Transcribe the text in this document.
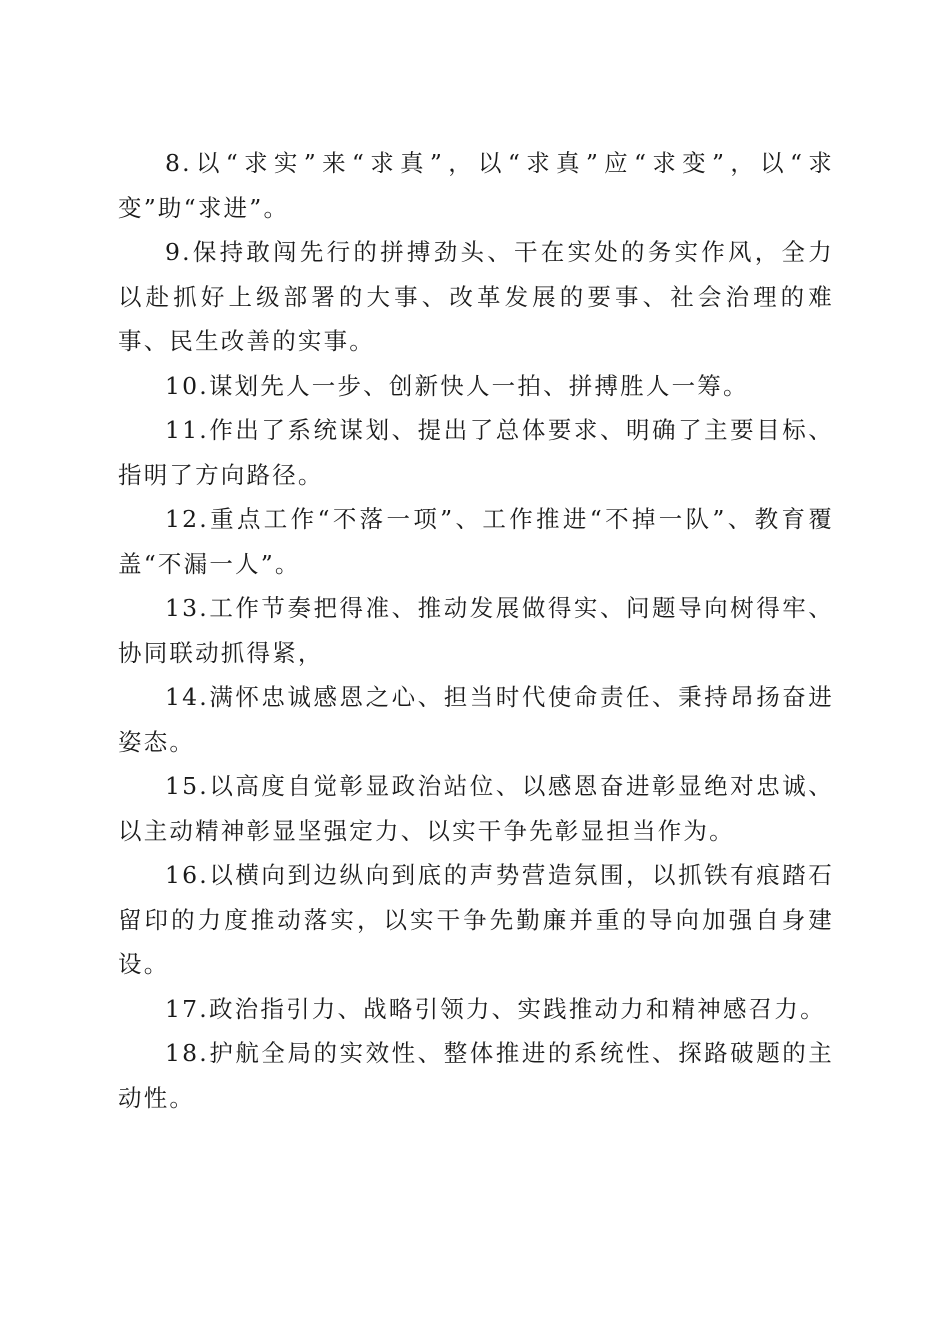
8.以“求实”来“求真”，以“求真”应“求变”，以“求变”助“求进”。

9.保持敢闯先行的拼搏劲头、干在实处的务实作风，全力以赴抓好上级部署的大事、改革发展的要事、社会治理的难事、民生改善的实事。

10.谋划先人一步、创新快人一拍、拼搏胜人一筹。

11.作出了系统谋划、提出了总体要求、明确了主要目标、指明了方向路径。

12.重点工作“不落一项”、工作推进“不掉一队”、教育覆盖“不漏一人”。

13.工作节奏把得准、推动发展做得实、问题导向树得牢、协同联动抓得紧，

14.满怀忠诚感恩之心、担当时代使命责任、秉持昂扬奋进姿态。

15.以高度自觉彰显政治站位、以感恩奋进彰显绝对忠诚、以主动精神彰显坚强定力、以实干争先彰显担当作为。

16.以横向到边纵向到底的声势营造氛围，以抓铁有痕踏石留印的力度推动落实，以实干争先勤廉并重的导向加强自身建设。

17.政治指引力、战略引领力、实践推动力和精神感召力。

18.护航全局的实效性、整体推进的系统性、探路破题的主动性。
